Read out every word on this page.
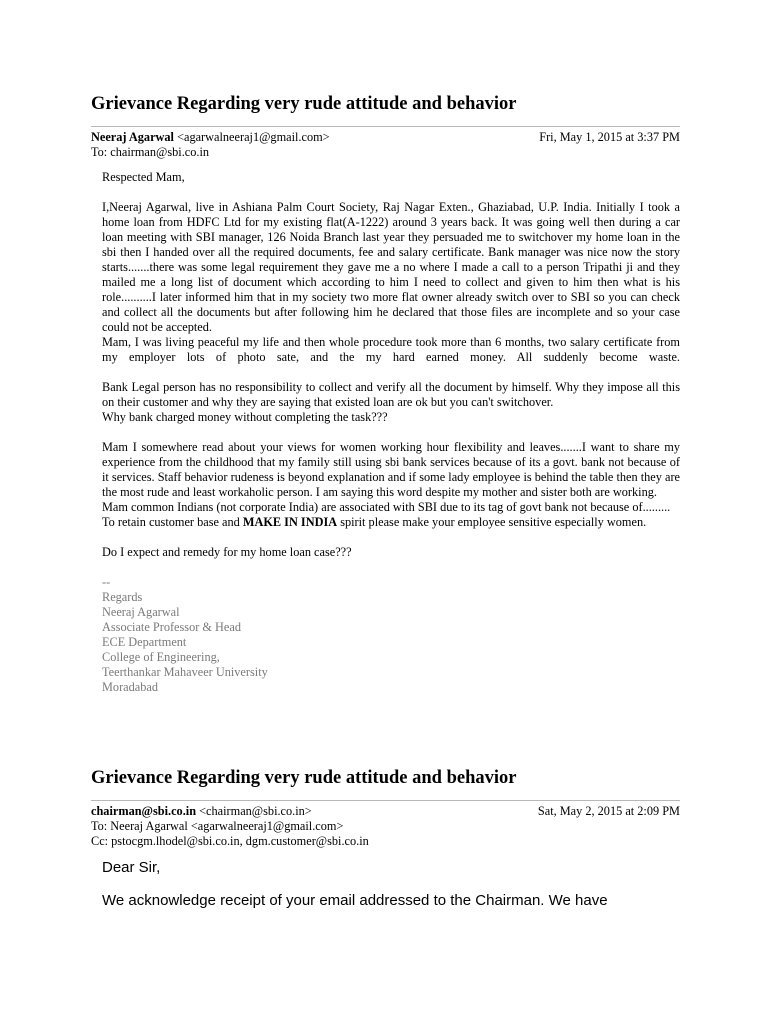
Grievance Regarding very rude attitude and behavior
Neeraj Agarwal <agarwalneeraj1@gmail.com>	Fri, May 1, 2015 at 3:37 PM
To: chairman@sbi.co.in

Respected Mam,

I,Neeraj Agarwal, live in Ashiana Palm Court Society, Raj Nagar Exten., Ghaziabad, U.P. India. Initially I took a home loan from HDFC Ltd for my existing flat(A-1222) around 3 years back. It was going well then during a car loan meeting with SBI manager, 126 Noida Branch last year they persuaded me to switchover my home loan in the sbi then I handed over all the required documents, fee and salary certificate. Bank manager was nice now the story starts.......there was some legal requirement they gave me a no where I made a call to a person Tripathi ji and they mailed me a long list of document which according to him I need to collect and given to him then what is his role..........I later informed him that in my society two more flat owner already switch over to SBI so you can check and collect all the documents but after following him he declared that those files are incomplete and so your case could not be accepted.

Mam, I was living peaceful my life and then whole procedure took more than 6 months, two salary certificate from my employer lots of photo sate, and the my hard earned money. All suddenly become waste.

Bank Legal person has no responsibility to collect and verify all the document by himself. Why they impose all this on their customer and why they are saying that existed loan are ok but you can't switchover.

Why bank charged money without completing the task???

Mam I somewhere read about your views for women working hour flexibility and leaves.......I want to share my experience from the childhood that my family still using sbi bank services because of its a govt. bank not because of it services. Staff behavior rudeness is beyond explanation and if some lady employee is behind the table then they are the most rude and least workaholic person. I am saying this word despite my mother and sister both are working.

Mam common Indians (not corporate India) are associated with SBI due to its tag of govt bank not because of.........

To retain customer base and MAKE IN INDIA spirit please make your employee sensitive especially women.

Do I expect and remedy for my home loan case???

--
Regards
Neeraj Agarwal
Associate Professor & Head
ECE Department
College of Engineering,
Teerthankar Mahaveer University
Moradabad
Grievance Regarding very rude attitude and behavior
chairman@sbi.co.in <chairman@sbi.co.in>	Sat, May 2, 2015 at 2:09 PM
To: Neeraj Agarwal <agarwalneeraj1@gmail.com>
Cc: pstocgm.lhodel@sbi.co.in, dgm.customer@sbi.co.in

Dear Sir,

We acknowledge receipt of your email addressed to the Chairman. We have
